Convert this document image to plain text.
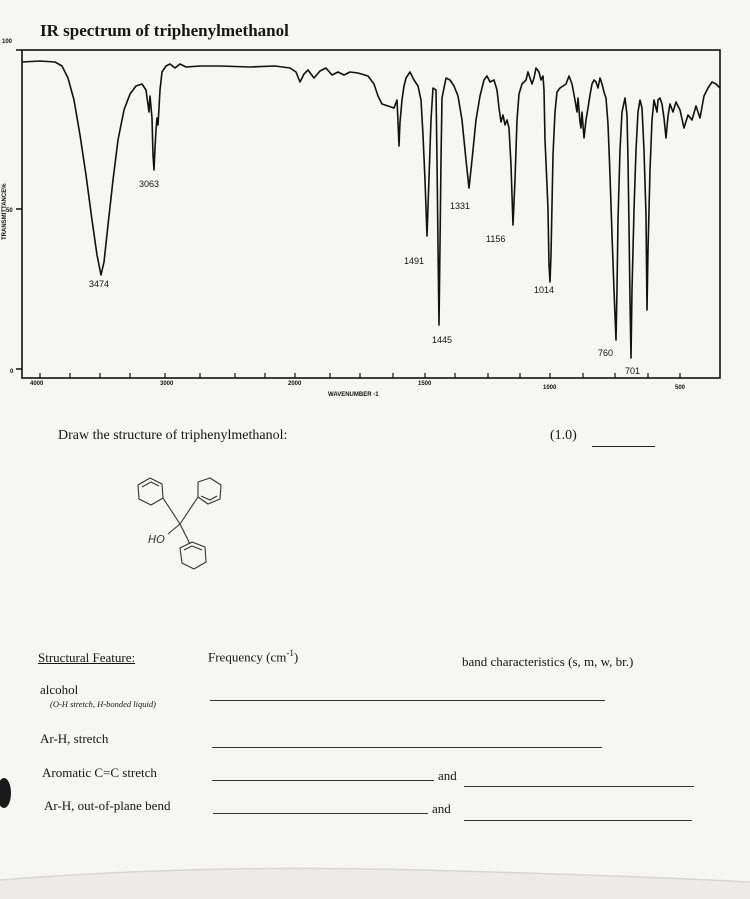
IR spectrum of triphenylmethanol
100
50
0
TRANSMITTANCE%
4000	3000	2000	1500
1000	500
WAVENUMBER -1
3474
3063
1491
1445
1331
1156
1014
760
701
Draw the structure of triphenylmethanol:	(1.0)
HO
Structural Feature:	Frequency $(cm^{-1})$	band characteristics (s, m, w, br.)
alcohol
(O-H stretch, H-bonded liquid)
Ar-H, stretch
Aromatic C=C stretch	and
Ar-H, out-of-plane bend	and
